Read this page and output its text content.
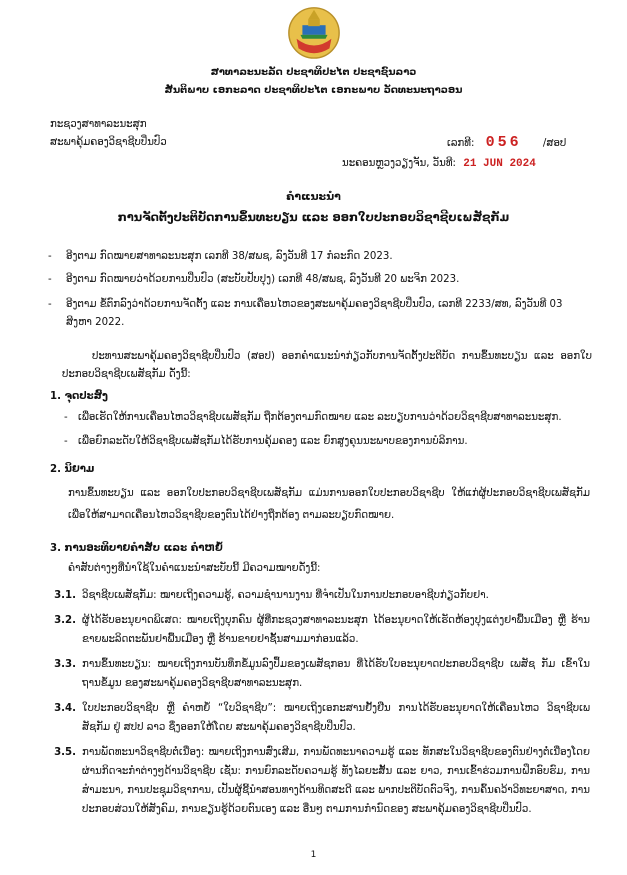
ສາທາລະນະລັດ ປະຊາທິປະໄຕ ປະຊາຊົນລາວ
ສັນຕິພາບ ເອກະລາດ ປະຊາທິປະໄຕ ເອກະພາບ ວັດທະນະຖາວອນ
ກະຊວງສາທາລະນະສຸກ
ສະພາຄຸ້ມຄອງວິຊາຊີບປິ່ນປົວ	ເລກທີ: 056 /ສອປ
ນະຄອນຫຼວງວຽງຈັນ, ວັນທີ: 21 JUN 2024
ຄຳແນະນຳ
ການຈັດຕັ້ງປະຕິບັດການຂຶ້ນທະບຽນ ແລະ ອອກໃບປະກອບວິຊາຊີບເພສັຊກັມ
-	ອີງຕາມ ກົດໝາຍສາທາລະນະສຸກ ເລກທີ 38/ສພຊ, ລົງວັນທີ 17 ກໍລະກົດ 2023.
-	ອີງຕາມ ກົດໝາຍວ່າດ້ວຍການປິ່ນປົວ (ສະບັບປັບປຸງ) ເລກທີ 48/ສພຊ, ລົງວັນທີ 20 ພະຈິກ 2023.
-	ອີງຕາມ ຂໍ້ຕົກລົງວ່າດ້ວຍການຈັດຕັ້ງ ແລະ ການເຄື່ອນໄຫວຂອງສະພາຄຸ້ມຄອງວິຊາຊີບປິ່ນປົວ, ເລກທີ 2233/ສທ, ລົງວັນທີ 03 ສິງຫາ 2022.
ປະທານສະພາຄຸ້ມຄອງວິຊາຊີບປິ່ນປົວ (ສອປ) ອອກຄຳແນະນຳກ່ຽວກັບການຈັດຕັ້ງປະຕິບັດ ການຂຶ້ນທະບຽນ ແລະ ອອກໃບປະກອບວິຊາຊີບເພສັຊກັມ ດັ່ງນີ້:
1. ຈຸດປະສົງ
-	ເພື່ອເຮັດໃຫ້ການເຄື່ອນໄຫວວິຊາຊີບເພສັຊກັມ ຖືກຕ້ອງຕາມກົດໝາຍ ແລະ ລະບຽບການວ່າດ້ວຍວິຊາຊີບສາທາລະນະສຸກ.
-	ເພື່ອຍົກລະດັບໃຫ້ວິຊາຊີບເພສັຊກັມໄດ້ຮັບການຄຸ້ມຄອງ ແລະ ຍົກສູງຄຸນນະພາບຂອງການບໍລິການ.
2. ນິຍາມ
ການຂຶ້ນທະບຽນ ແລະ ອອກໃບປະກອບວິຊາຊີບເພສັຊກັມ ແມ່ນການອອກໃບປະກອບວິຊາຊີບ ໃຫ້ແກ່ຜູ້ປະກອບວິຊາຊີບເພສັຊກັມ ເພື່ອໃຫ້ສາມາດເຄື່ອນໄຫວວິຊາຊີບຂອງຕົນໄດ້ຢ່າງຖືກຕ້ອງ ຕາມລະບຽບກົດໝາຍ.
3. ການອະທິບາຍຄຳສັບ ແລະ ຄຳຫຍໍ້
ຄຳສັບຕ່າງໆທີ່ນຳໃຊ້ໃນຄຳແນະນຳສະບັບນີ້ ມີຄວາມໝາຍດັ່ງນີ້:
3.1. ວິຊາຊີບເພສັຊກັມ: ໝາຍເຖິງຄວາມຮູ້, ຄວາມຊຳນານງານ ທີ່ຈຳເປັນໃນການປະກອບອາຊີບກ່ຽວກັບຢາ.
3.2. ຜູ້ໄດ້ຮັບອະນຸຍາດພິເສດ: ໝາຍເຖິງບຸກຄົນ ຜູ້ທີ່ກະຊວງສາທາລະນະສຸກ ໄດ້ອະນຸຍາດໃຫ້ເຮັດຫ້ອງປຸງແຕ່ງຢາພື້ນເມືອງ ຫຼື ຮ້ານຂາຍພະລິດຕະພັນຢາພື້ນເມືອງ ຫຼື ຮ້ານຂາຍຢາຊັ້ນສາມມາກ່ອນແລ້ວ.
3.3. ການຂຶ້ນທະບຽນ: ໝາຍເຖິງການບັນທຶກຂໍ້ມູນລົງປຶ້ມຂອງເພສັຊກອນ ທີ່ໄດ້ຮັບໃບອະນຸຍາດປະກອບວິຊາຊີບ ເພສັຊ ກັມ ເຂົ້າໃນຖານຂໍ້ມູນ ຂອງສະພາຄຸ້ມຄອງວິຊາຊີບສາທາລະນະສຸກ.
3.4. ໃບປະກອບວິຊາຊີບ ຫຼື ຄຳຫຍໍ້ “ໃບວິຊາຊີບ”: ໝາຍເຖິງເອກະສານຢັ້ງຢືນ ການໄດ້ຮັບອະນຸຍາດໃຫ້ເຄື່ອນໄຫວ ວິຊາຊີບເພສັຊກັມ ຢູ່ ສປປ ລາວ ຊຶ່ງອອກໃຫ້ໂດຍ ສະພາຄຸ້ມຄອງວິຊາຊີບປິ່ນປົວ.
3.5. ການພັດທະນາວິຊາຊີບຕໍ່ເນື່ອງ: ໝາຍເຖິງການສົ່ງເສີມ, ການພັດທະນາຄວາມຮູ້ ແລະ ທັກສະໃນວິຊາຊີບຂອງຕົນຢ່າງຕໍ່ເນື່ອງໂດຍຜ່ານກິດຈະກຳຕ່າງໆດ້ານວິຊາຊີບ ເຊັ່ນ: ການຍົກລະດັບຄວາມຮູ້ ທັງໄລຍະສັ້ນ ແລະ ຍາວ, ການເຂົ້າຮ່ວມການຝຶກອົບຮົມ, ການສຳມະນາ, ການປະຊຸມວິຊາການ, ເປັນຜູ້ຊີ້ນຳສອນທາງດ້ານທິດສະດີ ແລະ ພາກປະຕິບັດຕົວຈິງ, ການຄົ້ນຄວ້າວິທະຍາສາດ, ການປະກອບສ່ວນໃຫ້ສັງຄົມ, ການຂຽນຮູ້ດ້ວຍຕົນເອງ ແລະ ອື່ນໆ ຕາມການກຳນົດຂອງ ສະພາຄຸ້ມຄອງວິຊາຊີບປິ່ນປົວ.
1
